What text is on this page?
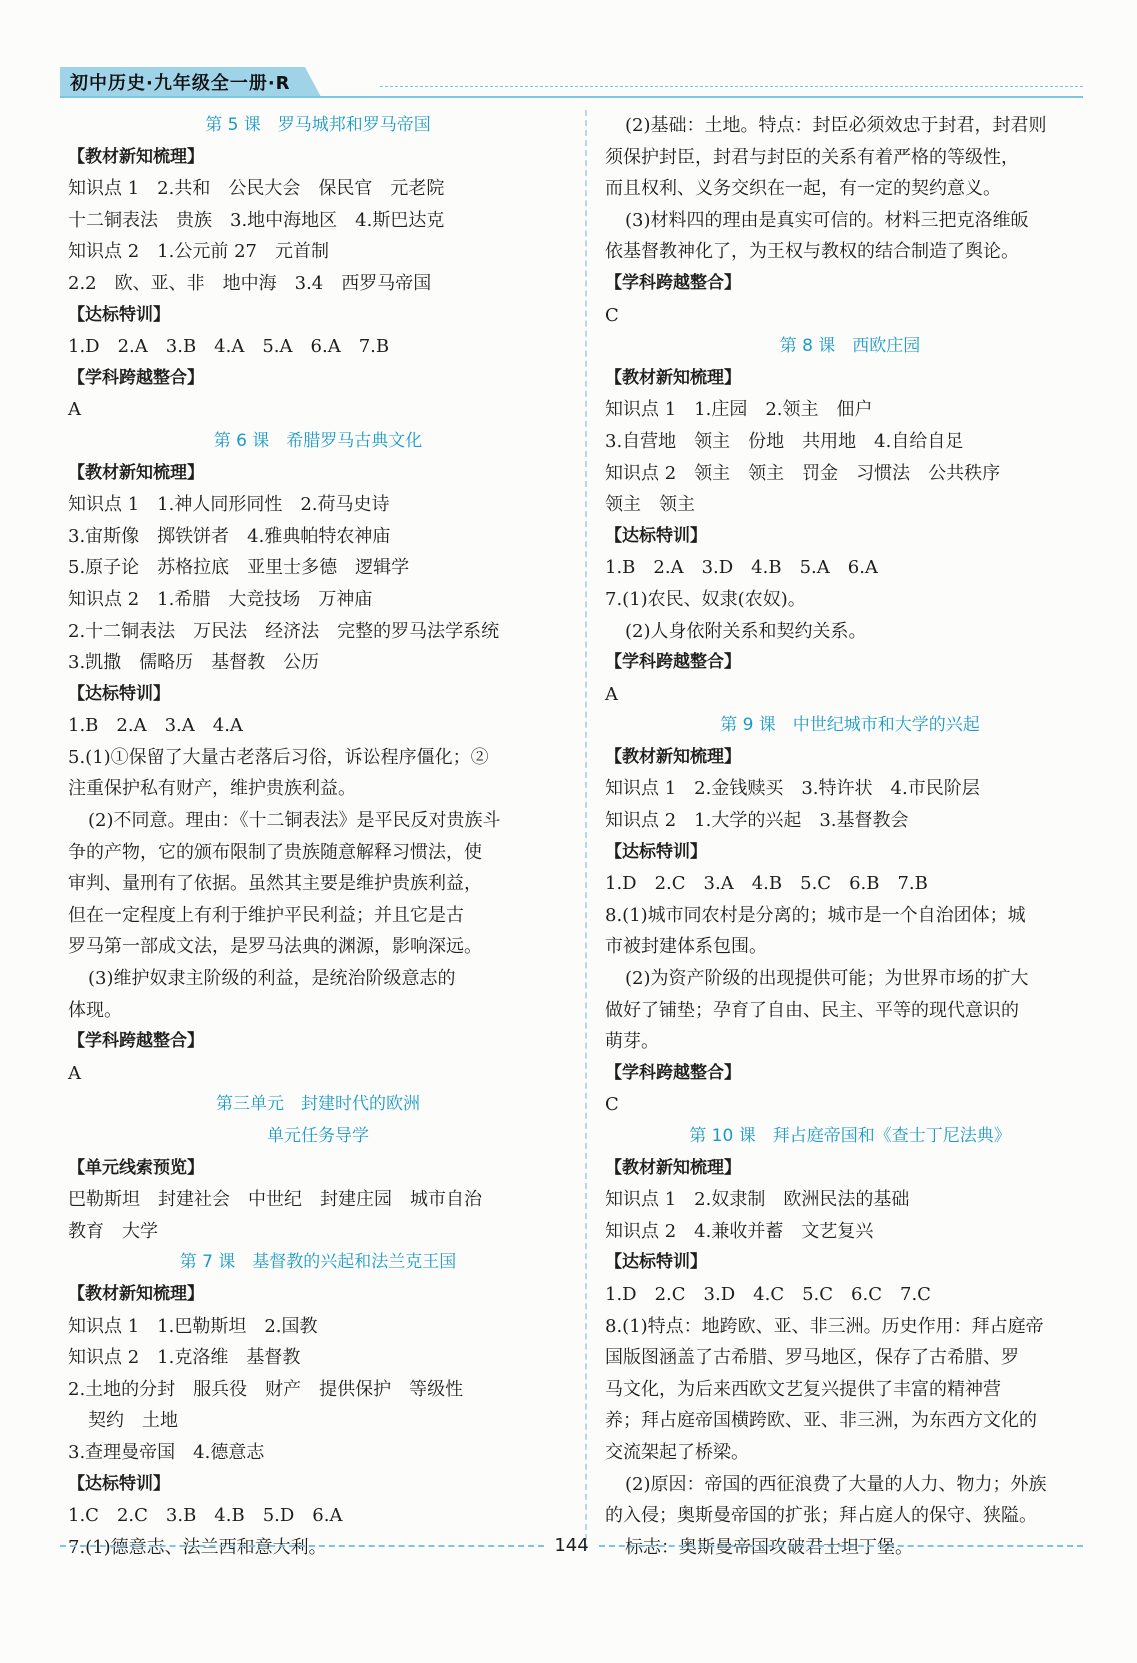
初中历史·九年级全一册·R
第 5 课　罗马城邦和罗马帝国
【教材新知梳理】
知识点 1　2.共和　公民大会　保民官　元老院
十二铜表法　贵族　3.地中海地区　4.斯巴达克
知识点 2　1.公元前 27　元首制
2.2　欧、亚、非　地中海　3.4　西罗马帝国
【达标特训】
1.D　2.A　3.B　4.A　5.A　6.A　7.B
【学科跨越整合】
A
第 6 课　希腊罗马古典文化
【教材新知梳理】
知识点 1　1.神人同形同性　2.荷马史诗
3.宙斯像　掷铁饼者　4.雅典帕特农神庙
5.原子论　苏格拉底　亚里士多德　逻辑学
知识点 2　1.希腊　大竞技场　万神庙
2.十二铜表法　万民法　经济法　完整的罗马法学系统
3.凯撒　儒略历　基督教　公历
【达标特训】
1.B　2.A　3.A　4.A
5.(1)①保留了大量古老落后习俗，诉讼程序僵化；②
注重保护私有财产，维护贵族利益。
(2)不同意。理由：《十二铜表法》是平民反对贵族斗
争的产物，它的颁布限制了贵族随意解释习惯法，使
审判、量刑有了依据。虽然其主要是维护贵族利益，
但在一定程度上有利于维护平民利益；并且它是古
罗马第一部成文法，是罗马法典的渊源，影响深远。
(3)维护奴隶主阶级的利益，是统治阶级意志的
体现。
【学科跨越整合】
A
第三单元　封建时代的欧洲
单元任务导学
【单元线索预览】
巴勒斯坦　封建社会　中世纪　封建庄园　城市自治
教育　大学
第 7 课　基督教的兴起和法兰克王国
【教材新知梳理】
知识点 1　1.巴勒斯坦　2.国教
知识点 2　1.克洛维　基督教
2.土地的分封　服兵役　财产　提供保护　等级性
契约　土地
3.查理曼帝国　4.德意志
【达标特训】
1.C　2.C　3.B　4.B　5.D　6.A
7.(1)德意志、法兰西和意大利。
(2)基础：土地。特点：封臣必须效忠于封君，封君则
须保护封臣，封君与封臣的关系有着严格的等级性，
而且权利、义务交织在一起，有一定的契约意义。
(3)材料四的理由是真实可信的。材料三把克洛维皈
依基督教神化了，为王权与教权的结合制造了舆论。
【学科跨越整合】
C
第 8 课　西欧庄园
【教材新知梳理】
知识点 1　1.庄园　2.领主　佃户
3.自营地　领主　份地　共用地　4.自给自足
知识点 2　领主　领主　罚金　习惯法　公共秩序
领主　领主
【达标特训】
1.B　2.A　3.D　4.B　5.A　6.A
7.(1)农民、奴隶(农奴)。
(2)人身依附关系和契约关系。
【学科跨越整合】
A
第 9 课　中世纪城市和大学的兴起
【教材新知梳理】
知识点 1　2.金钱赎买　3.特许状　4.市民阶层
知识点 2　1.大学的兴起　3.基督教会
【达标特训】
1.D　2.C　3.A　4.B　5.C　6.B　7.B
8.(1)城市同农村是分离的；城市是一个自治团体；城
市被封建体系包围。
(2)为资产阶级的出现提供可能；为世界市场的扩大
做好了铺垫；孕育了自由、民主、平等的现代意识的
萌芽。
【学科跨越整合】
C
第 10 课　拜占庭帝国和《查士丁尼法典》
【教材新知梳理】
知识点 1　2.奴隶制　欧洲民法的基础
知识点 2　4.兼收并蓄　文艺复兴
【达标特训】
1.D　2.C　3.D　4.C　5.C　6.C　7.C
8.(1)特点：地跨欧、亚、非三洲。历史作用：拜占庭帝
国版图涵盖了古希腊、罗马地区，保存了古希腊、罗
马文化，为后来西欧文艺复兴提供了丰富的精神营
养；拜占庭帝国横跨欧、亚、非三洲，为东西方文化的
交流架起了桥梁。
(2)原因：帝国的西征浪费了大量的人力、物力；外族
的入侵；奥斯曼帝国的扩张；拜占庭人的保守、狭隘。
标志：奥斯曼帝国攻破君士坦丁堡。
144
